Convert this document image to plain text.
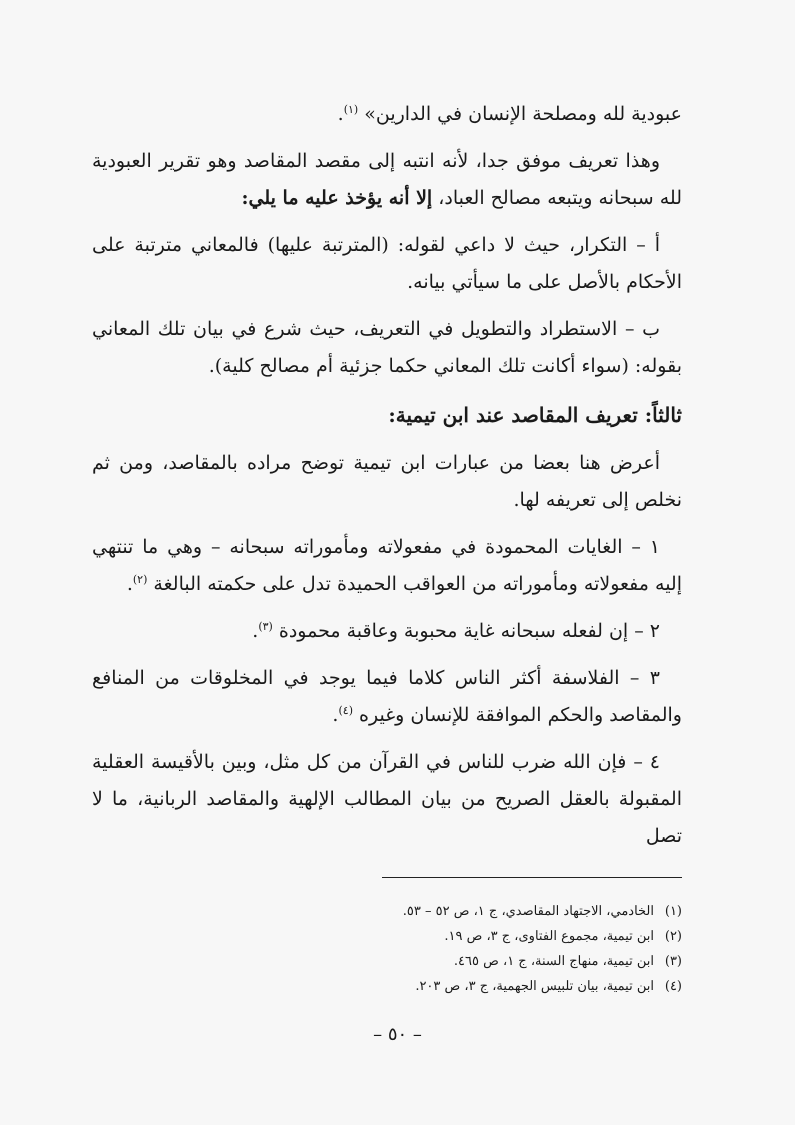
عبودية لله ومصلحة الإنسان في الدارين» $^{(١)}$.
وهذا تعريف موفق جدا، لأنه انتبه إلى مقصد المقاصد وهو تقرير العبودية
لله سبحانه ويتبعه مصالح العباد، إلا أنه يؤخذ عليه ما يلي:
أ – التكرار، حيث لا داعي لقوله: (المترتبة عليها) فالمعاني مترتبة على
الأحكام بالأصل على ما سيأتي بيانه.
ب – الاستطراد والتطويل في التعريف، حيث شرع في بيان تلك المعاني
بقوله: (سواء أكانت تلك المعاني حكما جزئية أم مصالح كلية).
ثالثاً: تعريف المقاصد عند ابن تيمية:
أعرض هنا بعضا من عبارات ابن تيمية توضح مراده بالمقاصد، ومن ثم
نخلص إلى تعريفه لها.
١ – الغايات المحمودة في مفعولاته ومأموراته سبحانه – وهي ما تنتهي
إليه مفعولاته ومأموراته من العواقب الحميدة تدل على حكمته البالغة $^{(٢)}$.
٢ – إن لفعله سبحانه غاية محبوبة وعاقبة محمودة $^{(٣)}$.
٣ – الفلاسفة أكثر الناس كلاما فيما يوجد في المخلوقات من المنافع
والمقاصد والحكم الموافقة للإنسان وغيره $^{(٤)}$.
٤ – فإن الله ضرب للناس في القرآن من كل مثل، وبين بالأقيسة العقلية
المقبولة بالعقل الصريح من بيان المطالب الإلهية والمقاصد الربانية، ما لا تصل
(١)الخادمي، الاجتهاد المقاصدي، ج ١، ص ٥٢ – ٥٣.
(٢)ابن تيمية، مجموع الفتاوى، ج ٣، ص ١٩.
(٣)ابن تيمية، منهاج السنة، ج ١، ص ٤٦٥.
(٤)ابن تيمية، بيان تلبيس الجهمية، ج ٣، ص ٢٠٣.
– ٥٠ –
